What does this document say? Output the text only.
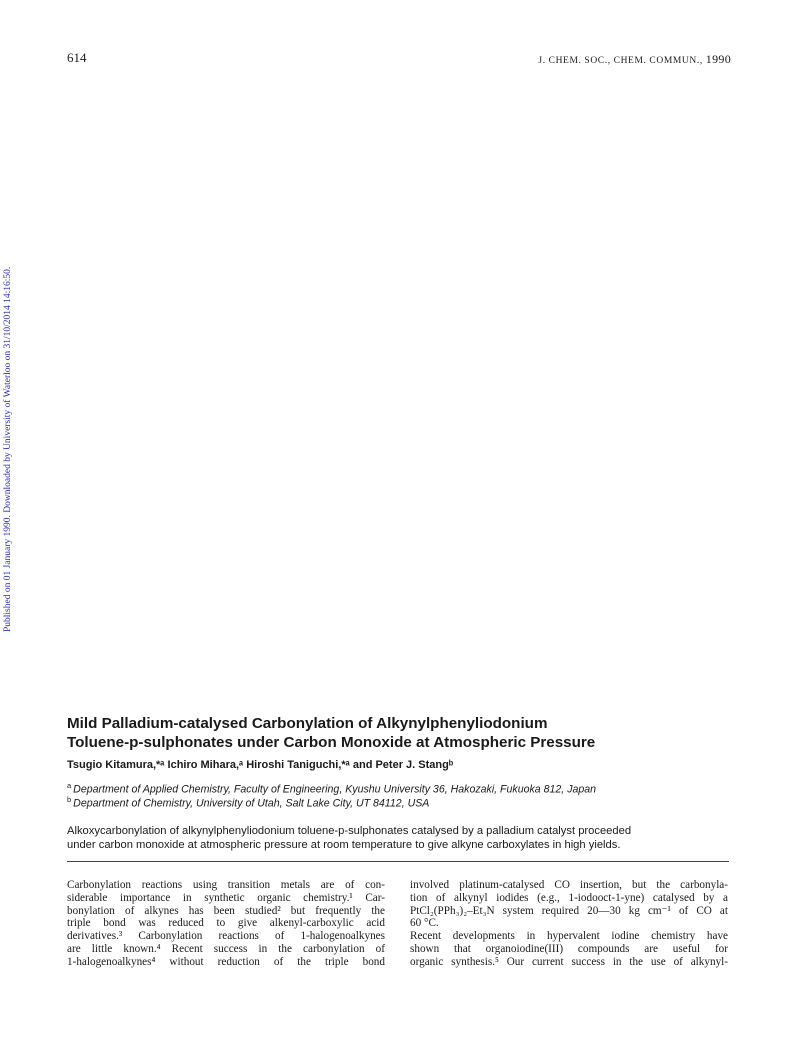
614	J. CHEM. SOC., CHEM. COMMUN., 1990
Published on 01 January 1990. Downloaded by University of Waterloo on 31/10/2014 14:16:50.
Mild Palladium-catalysed Carbonylation of Alkynylphenyliodonium
Toluene-p-sulphonates under Carbon Monoxide at Atmospheric Pressure
Tsugio Kitamura,*ᵃ Ichiro Mihara,ᵃ Hiroshi Taniguchi,*ᵃ and Peter J. Stangᵇ
$^a$ Department of Applied Chemistry, Faculty of Engineering, Kyushu University 36, Hakozaki, Fukuoka 812, Japan
$^b$ Department of Chemistry, University of Utah, Salt Lake City, UT 84112, USA
Alkoxycarbonylation of alkynylphenyliodonium toluene-p-sulphonates catalysed by a palladium catalyst proceeded
under carbon monoxide at atmospheric pressure at room temperature to give alkyne carboxylates in high yields.
Carbonylation reactions using transition metals are of con-
siderable importance in synthetic organic chemistry.¹ Car-
bonylation of alkynes has been studied² but frequently the
triple bond was reduced to give alkenyl-carboxylic acid
derivatives.³ Carbonylation reactions of 1-halogenoalkynes
are little known.⁴ Recent success in the carbonylation of
1-halogenoalkynes⁴ without reduction of the triple bond
involved platinum-catalysed CO insertion, but the carbonyla-
tion of alkynyl iodides (e.g., 1-iodooct-1-yne) catalysed by a
PtCl₂(PPh₃)₂–Et₃N system required 20—30 kg cm⁻¹ of CO at
60 °C.
Recent developments in hypervalent iodine chemistry have
shown that organoiodine(III) compounds are useful for
organic synthesis.⁵ Our current success in the use of alkynyl-
